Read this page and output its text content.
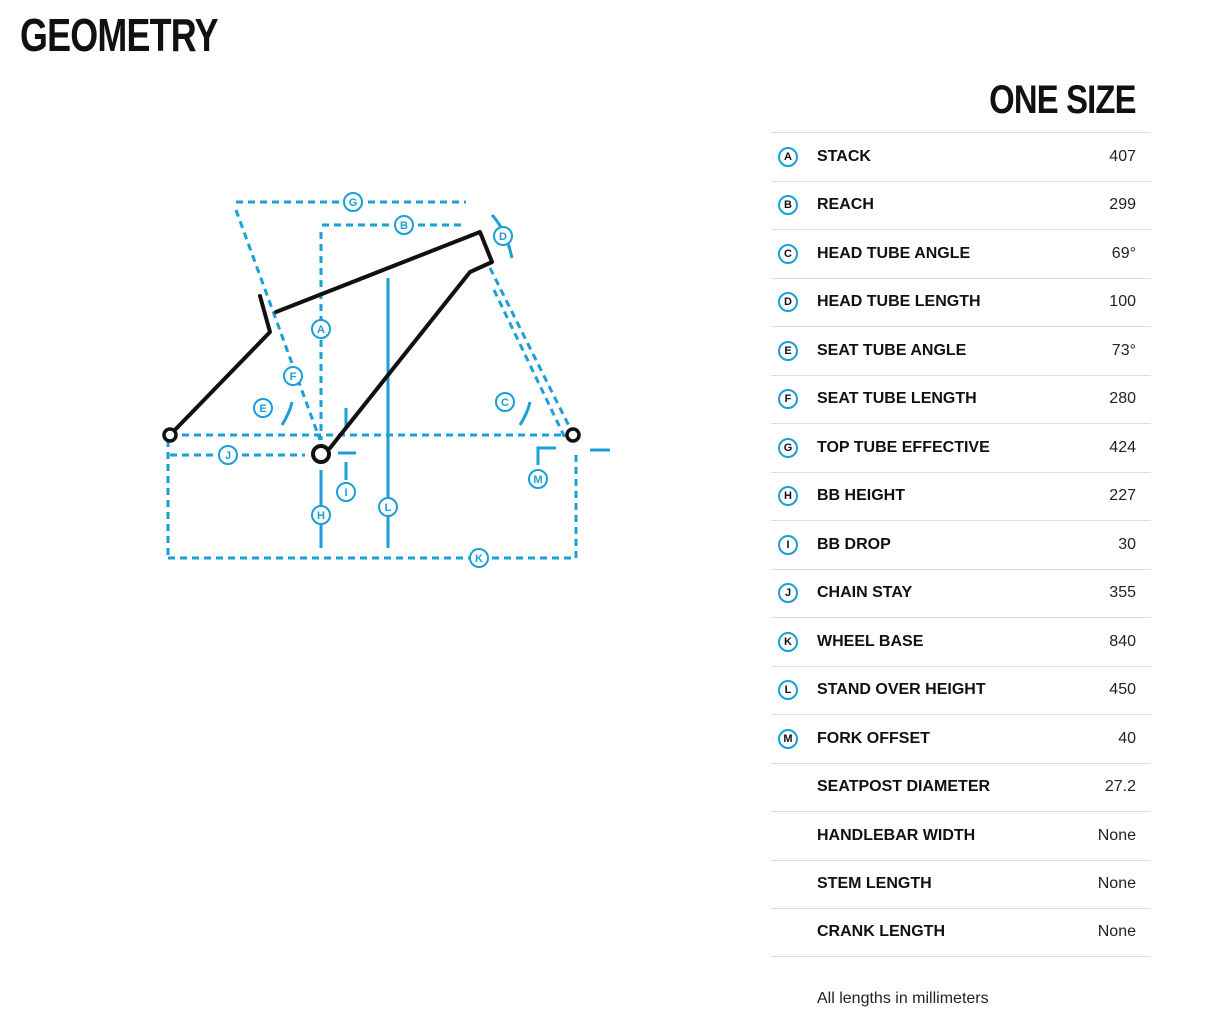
GEOMETRY
G
B
D
A
F
E	C
J
I
M
L
H
K
ONE SIZE
A	STACK	407
B	REACH	299
C	HEAD TUBE ANGLE	69°
D	HEAD TUBE LENGTH	100
E	SEAT TUBE ANGLE	73°
F	SEAT TUBE LENGTH	280
G	TOP TUBE EFFECTIVE	424
H	BB HEIGHT	227
I	BB DROP	30
J	CHAIN STAY	355
K	WHEEL BASE	840
L	STAND OVER HEIGHT	450
M	FORK OFFSET	40
SEATPOST DIAMETER	27.2
HANDLEBAR WIDTH	None
STEM LENGTH	None
CRANK LENGTH	None
All lengths in millimeters
